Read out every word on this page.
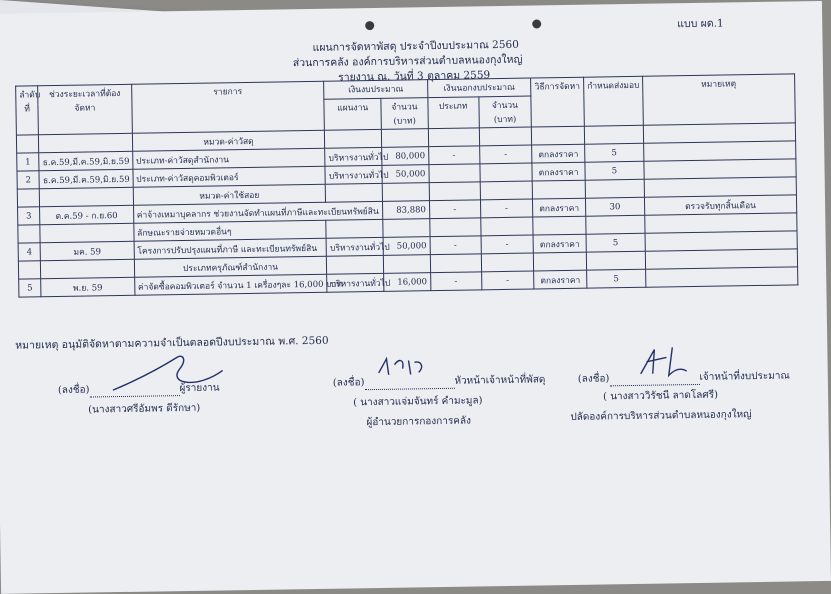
แบบ ผด.1
แผนการจัดหาพัสดุ ประจำปีงบประมาณ 2560
ส่วนการคลัง องค์การบริหารส่วนตำบลหนองกุงใหญ่
รายงาน ณ. วันที่ 3 ตุลาคม 2559
ลำดับที่	ช่วงระยะเวลาที่ต้องจัดหา	รายการ	เงินงบประมาณ		เงินนอกงบประมาณ		วิธีการจัดหา	กำหนดส่งมอบ	หมายเหตุ
			แผนงาน	จำนวน (บาท)	ประเภท	จำนวน (บาท)			
		หมวด-ค่าวัสดุ							
1	ธ.ค.59,มี.ค.59,มิ.ย.59	ประเภท-ค่าวัสดุสำนักงาน	บริหารงานทั่วไป	80,000	-	-	ตกลงราคา	5	
2	ธ.ค.59,มี.ค.59,มิ.ย.59	ประเภท-ค่าวัสดุคอมพิวเตอร์	บริหารงานทั่วไป	50,000			ตกลงราคา	5	
		หมวด-ค่าใช้สอย							
3	ต.ค.59 - ก.ย.60	ค่าจ้างเหมาบุคลากร ช่วยงานจัดทำแผนที่ภาษีและทะเบียนทรัพย์สิน		83,880	-	-	ตกลงราคา	30	ตรวจรับทุกสิ้นเดือน
		ลักษณะรายจ่ายหมวดอื่นๆ							
4	มค. 59	โครงการปรับปรุงแผนที่ภาษี และทะเบียนทรัพย์สิน	บริหารงานทั่วไป	50,000	-	-	ตกลงราคา	5	
		ประเภทครุภัณฑ์สำนักงาน							
5	พ.ย. 59	ค่าจัดซื้อคอมพิวเตอร์ จำนวน 1 เครื่องๆละ 16,000 บาท	บริหารงานทั่วไป	16,000	-	-	ตกลงราคา	5	
หมายเหตุ อนุมัติจัดหาตามความจำเป็นตลอดปีงบประมาณ พ.ศ. 2560
(ลงชื่อ)	ผู้รายงาน
(นางสาวศรีอัมพร ดีรักษา)
(ลงชื่อ)	หัวหน้าเจ้าหน้าที่พัสดุ
( นางสาวแจ่มจันทร์ คำมะมูล)
ผู้อำนวยการกองการคลัง
(ลงชื่อ)	เจ้าหน้าที่งบประมาณ
( นางสาววิรัชนี ลาดโลศรี)
ปลัดองค์การบริหารส่วนตำบลหนองกุงใหญ่
